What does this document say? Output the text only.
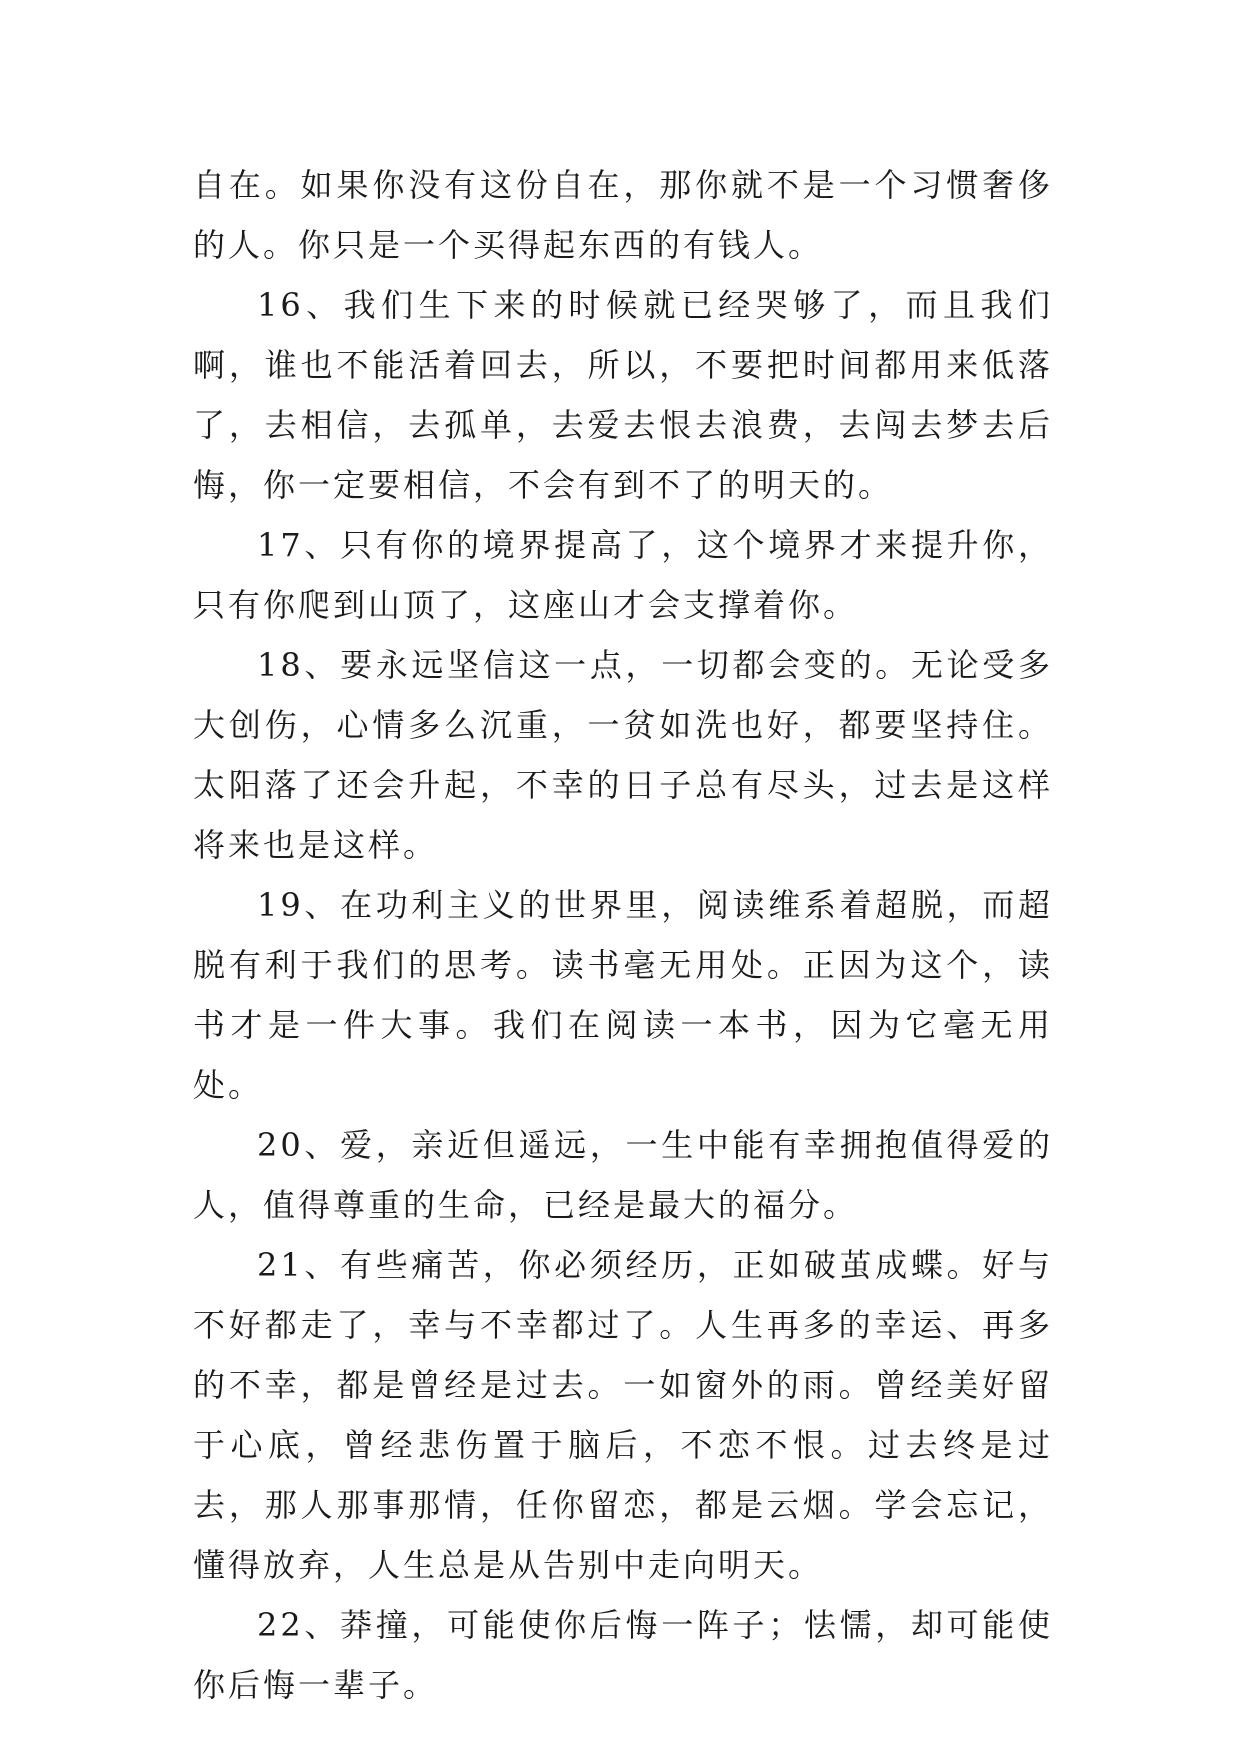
自在。如果你没有这份自在，那你就不是一个习惯奢侈的人。你只是一个买得起东西的有钱人。

16、我们生下来的时候就已经哭够了，而且我们啊，谁也不能活着回去，所以，不要把时间都用来低落了，去相信，去孤单，去爱去恨去浪费，去闯去梦去后悔，你一定要相信，不会有到不了的明天的。

17、只有你的境界提高了，这个境界才来提升你，只有你爬到山顶了，这座山才会支撑着你。

18、要永远坚信这一点，一切都会变的。无论受多大创伤，心情多么沉重，一贫如洗也好，都要坚持住。太阳落了还会升起，不幸的日子总有尽头，过去是这样将来也是这样。

19、在功利主义的世界里，阅读维系着超脱，而超脱有利于我们的思考。读书毫无用处。正因为这个，读书才是一件大事。我们在阅读一本书，因为它毫无用处。

20、爱，亲近但遥远，一生中能有幸拥抱值得爱的人，值得尊重的生命，已经是最大的福分。

21、有些痛苦，你必须经历，正如破茧成蝶。好与不好都走了，幸与不幸都过了。人生再多的幸运、再多的不幸，都是曾经是过去。一如窗外的雨。曾经美好留于心底，曾经悲伤置于脑后，不恋不恨。过去终是过去，那人那事那情，任你留恋，都是云烟。学会忘记，懂得放弃，人生总是从告别中走向明天。

22、莽撞，可能使你后悔一阵子；怯懦，却可能使你后悔一辈子。
